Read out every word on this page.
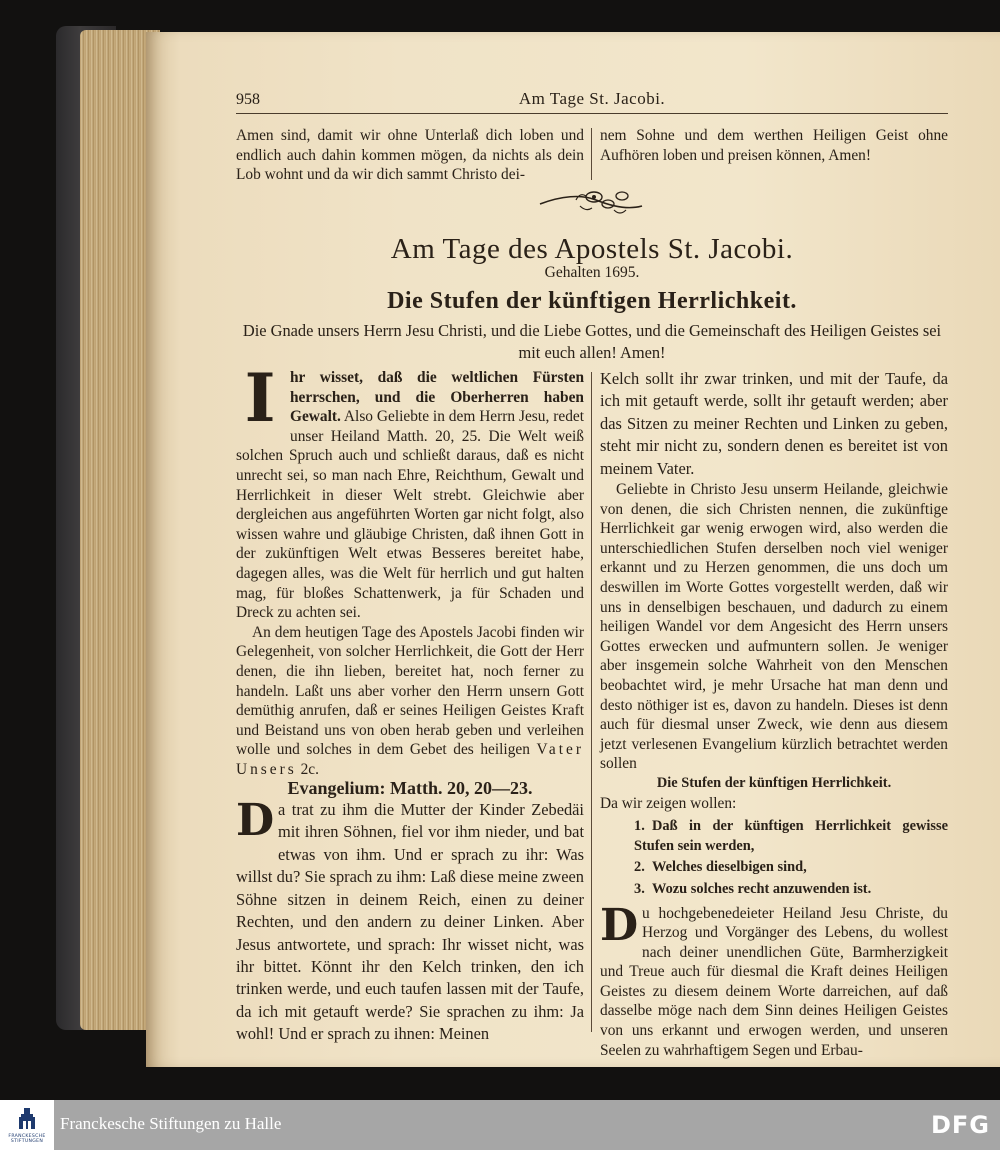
958	Am Tage St. Jacobi.
Amen sind, damit wir ohne Unterlaß dich loben und endlich auch dahin kommen mögen, da nichts als dein Lob wohnt und da wir dich sammt Christo dei-
nem Sohne und dem werthen Heiligen Geist ohne Aufhören loben und preisen können, Amen!
Am Tage des Apostels St. Jacobi.
Gehalten 1695.
Die Stufen der künftigen Herrlichkeit.
Die Gnade unsers Herrn Jesu Christi, und die Liebe Gottes, und die Gemeinschaft des Heiligen Geistes sei mit euch allen! Amen!

Ihr wisset, daß die weltlichen Fürsten herrschen, und die Oberherren haben Gewalt. Also Geliebte in dem Herrn Jesu, redet unser Heiland Matth. 20, 25. Die Welt weiß solchen Spruch auch und schließt daraus, daß es nicht unrecht sei, so man nach Ehre, Reichthum, Gewalt und Herrlichkeit in dieser Welt strebt. Gleichwie aber dergleichen aus angeführten Worten gar nicht folgt, also wissen wahre und gläubige Christen, daß ihnen Gott in der zukünftigen Welt etwas Besseres bereitet habe, dagegen alles, was die Welt für herrlich und gut halten mag, für bloßes Schattenwerk, ja für Schaden und Dreck zu achten sei.

An dem heutigen Tage des Apostels Jacobi finden wir Gelegenheit, von solcher Herrlichkeit, die Gott der Herr denen, die ihn lieben, bereitet hat, noch ferner zu handeln. Laßt uns aber vorher den Herrn unsern Gott demüthig anrufen, daß er seines Heiligen Geistes Kraft und Beistand uns von oben herab geben und verleihen wolle und solches in dem Gebet des heiligen Vater Unsers 2c.

Evangelium: Matth. 20, 20—23.

Da trat zu ihm die Mutter der Kinder Zebedäi mit ihren Söhnen, fiel vor ihm nieder, und bat etwas von ihm. Und er sprach zu ihr: Was willst du? Sie sprach zu ihm: Laß diese meine zween Söhne sitzen in deinem Reich, einen zu deiner Rechten, und den andern zu deiner Linken. Aber Jesus antwortete, und sprach: Ihr wisset nicht, was ihr bittet. Könnt ihr den Kelch trinken, den ich trinken werde, und euch taufen lassen mit der Taufe, da ich mit getauft werde? Sie sprachen zu ihm: Ja wohl! Und er sprach zu ihnen: Meinen

Kelch sollt ihr zwar trinken, und mit der Taufe, da ich mit getauft werde, sollt ihr getauft werden; aber das Sitzen zu meiner Rechten und Linken zu geben, steht mir nicht zu, sondern denen es bereitet ist von meinem Vater.

Geliebte in Christo Jesu unserm Heilande, gleichwie von denen, die sich Christen nennen, die zukünftige Herrlichkeit gar wenig erwogen wird, also werden die unterschiedlichen Stufen derselben noch viel weniger erkannt und zu Herzen genommen, die uns doch um deswillen im Worte Gottes vorgestellt werden, daß wir uns in denselbigen beschauen, und dadurch zu einem heiligen Wandel vor dem Angesicht des Herrn unsers Gottes erwecken und aufmuntern sollen. Je weniger aber insgemein solche Wahrheit von den Menschen beobachtet wird, je mehr Ursache hat man denn und desto nöthiger ist es, davon zu handeln. Dieses ist denn auch für diesmal unser Zweck, wie denn aus diesem jetzt verlesenen Evangelium kürzlich betrachtet werden sollen

Die Stufen der künftigen Herrlichkeit.

Da wir zeigen wollen:

1. Daß in der künftigen Herrlichkeit gewisse Stufen sein werden,
2. Welches dieselbigen sind,
3. Wozu solches recht anzuwenden ist.

Du hochgebenedeieter Heiland Jesu Christe, du Herzog und Vorgänger des Lebens, du wollest nach deiner unendlichen Güte, Barmherzigkeit und Treue auch für diesmal die Kraft deines Heiligen Geistes zu diesem deinem Worte darreichen, auf daß dasselbe möge nach dem Sinn deines Heiligen Geistes von uns erkannt und erwogen werden, und unseren Seelen zu wahrhaftigem Segen und Erbau-

FRANCKESCHE STIFTUNGEN
Franckesche Stiftungen zu Halle	DFG
